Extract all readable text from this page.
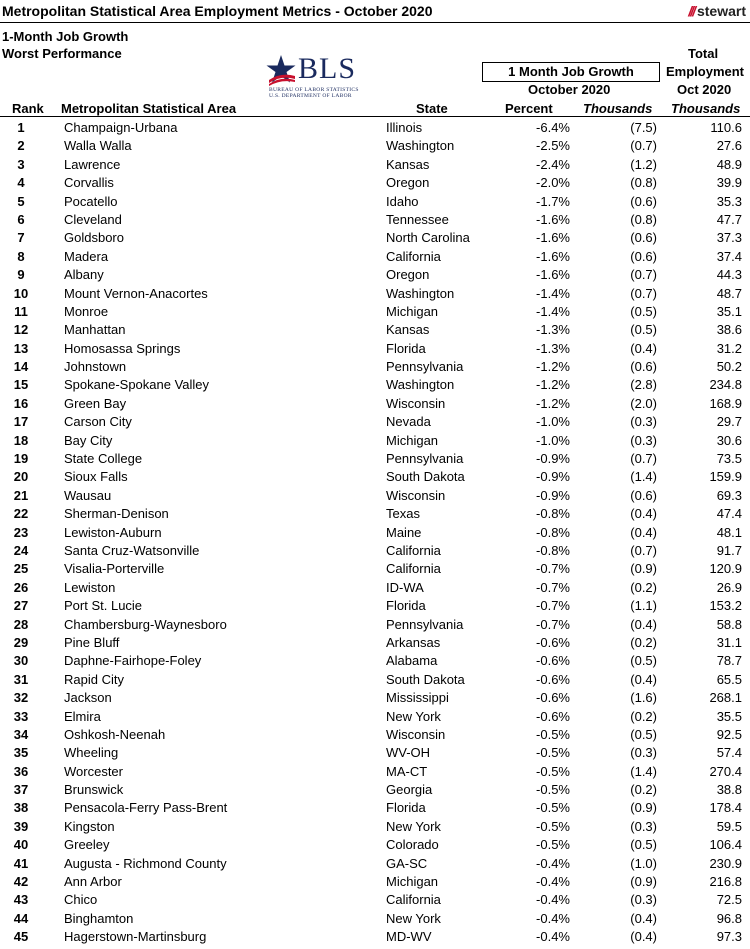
Metropolitan Statistical Area Employment Metrics - October 2020	/// stewart
1-Month Job Growth
Worst Performance	BLS
BUREAU OF LABOR STATISTICS
U.S. DEPARTMENT OF LABOR
Total
Employment
Oct 2020
1 Month Job Growth
October 2020
Rank Metropolitan Statistical Area	State	Percent Thousands Thousands
1	Champaign-Urbana	Illinois	-6.4%	(7.5)	110.6
2	Walla Walla	Washington	-2.5%	(0.7)	27.6
3	Lawrence	Kansas	-2.4%	(1.2)	48.9
4	Corvallis	Oregon	-2.0%	(0.8)	39.9
5	Pocatello	Idaho	-1.7%	(0.6)	35.3
6	Cleveland	Tennessee	-1.6%	(0.8)	47.7
7	Goldsboro	North Carolina	-1.6%	(0.6)	37.3
8	Madera	California	-1.6%	(0.6)	37.4
9	Albany	Oregon	-1.6%	(0.7)	44.3
10	Mount Vernon-Anacortes	Washington	-1.4%	(0.7)	48.7
11	Monroe	Michigan	-1.4%	(0.5)	35.1
12	Manhattan	Kansas	-1.3%	(0.5)	38.6
13	Homosassa Springs	Florida	-1.3%	(0.4)	31.2
14	Johnstown	Pennsylvania	-1.2%	(0.6)	50.2
15	Spokane-Spokane Valley	Washington	-1.2%	(2.8)	234.8
16	Green Bay	Wisconsin	-1.2%	(2.0)	168.9
17	Carson City	Nevada	-1.0%	(0.3)	29.7
18	Bay City	Michigan	-1.0%	(0.3)	30.6
19	State College	Pennsylvania	-0.9%	(0.7)	73.5
20	Sioux Falls	South Dakota	-0.9%	(1.4)	159.9
21	Wausau	Wisconsin	-0.9%	(0.6)	69.3
22	Sherman-Denison	Texas	-0.8%	(0.4)	47.4
23	Lewiston-Auburn	Maine	-0.8%	(0.4)	48.1
24	Santa Cruz-Watsonville	California	-0.8%	(0.7)	91.7
25	Visalia-Porterville	California	-0.7%	(0.9)	120.9
26	Lewiston	ID-WA	-0.7%	(0.2)	26.9
27	Port St. Lucie	Florida	-0.7%	(1.1)	153.2
28	Chambersburg-Waynesboro	Pennsylvania	-0.7%	(0.4)	58.8
29	Pine Bluff	Arkansas	-0.6%	(0.2)	31.1
30	Daphne-Fairhope-Foley	Alabama	-0.6%	(0.5)	78.7
31	Rapid City	South Dakota	-0.6%	(0.4)	65.5
32	Jackson	Mississippi	-0.6%	(1.6)	268.1
33	Elmira	New York	-0.6%	(0.2)	35.5
34	Oshkosh-Neenah	Wisconsin	-0.5%	(0.5)	92.5
35	Wheeling	WV-OH	-0.5%	(0.3)	57.4
36	Worcester	MA-CT	-0.5%	(1.4)	270.4
37	Brunswick	Georgia	-0.5%	(0.2)	38.8
38	Pensacola-Ferry Pass-Brent	Florida	-0.5%	(0.9)	178.4
39	Kingston	New York	-0.5%	(0.3)	59.5
40	Greeley	Colorado	-0.5%	(0.5)	106.4
41	Augusta - Richmond County	GA-SC	-0.4%	(1.0)	230.9
42	Ann Arbor	Michigan	-0.4%	(0.9)	216.8
43	Chico	California	-0.4%	(0.3)	72.5
44	Binghamton	New York	-0.4%	(0.4)	96.8
45	Hagerstown-Martinsburg	MD-WV	-0.4%	(0.4)	97.3
